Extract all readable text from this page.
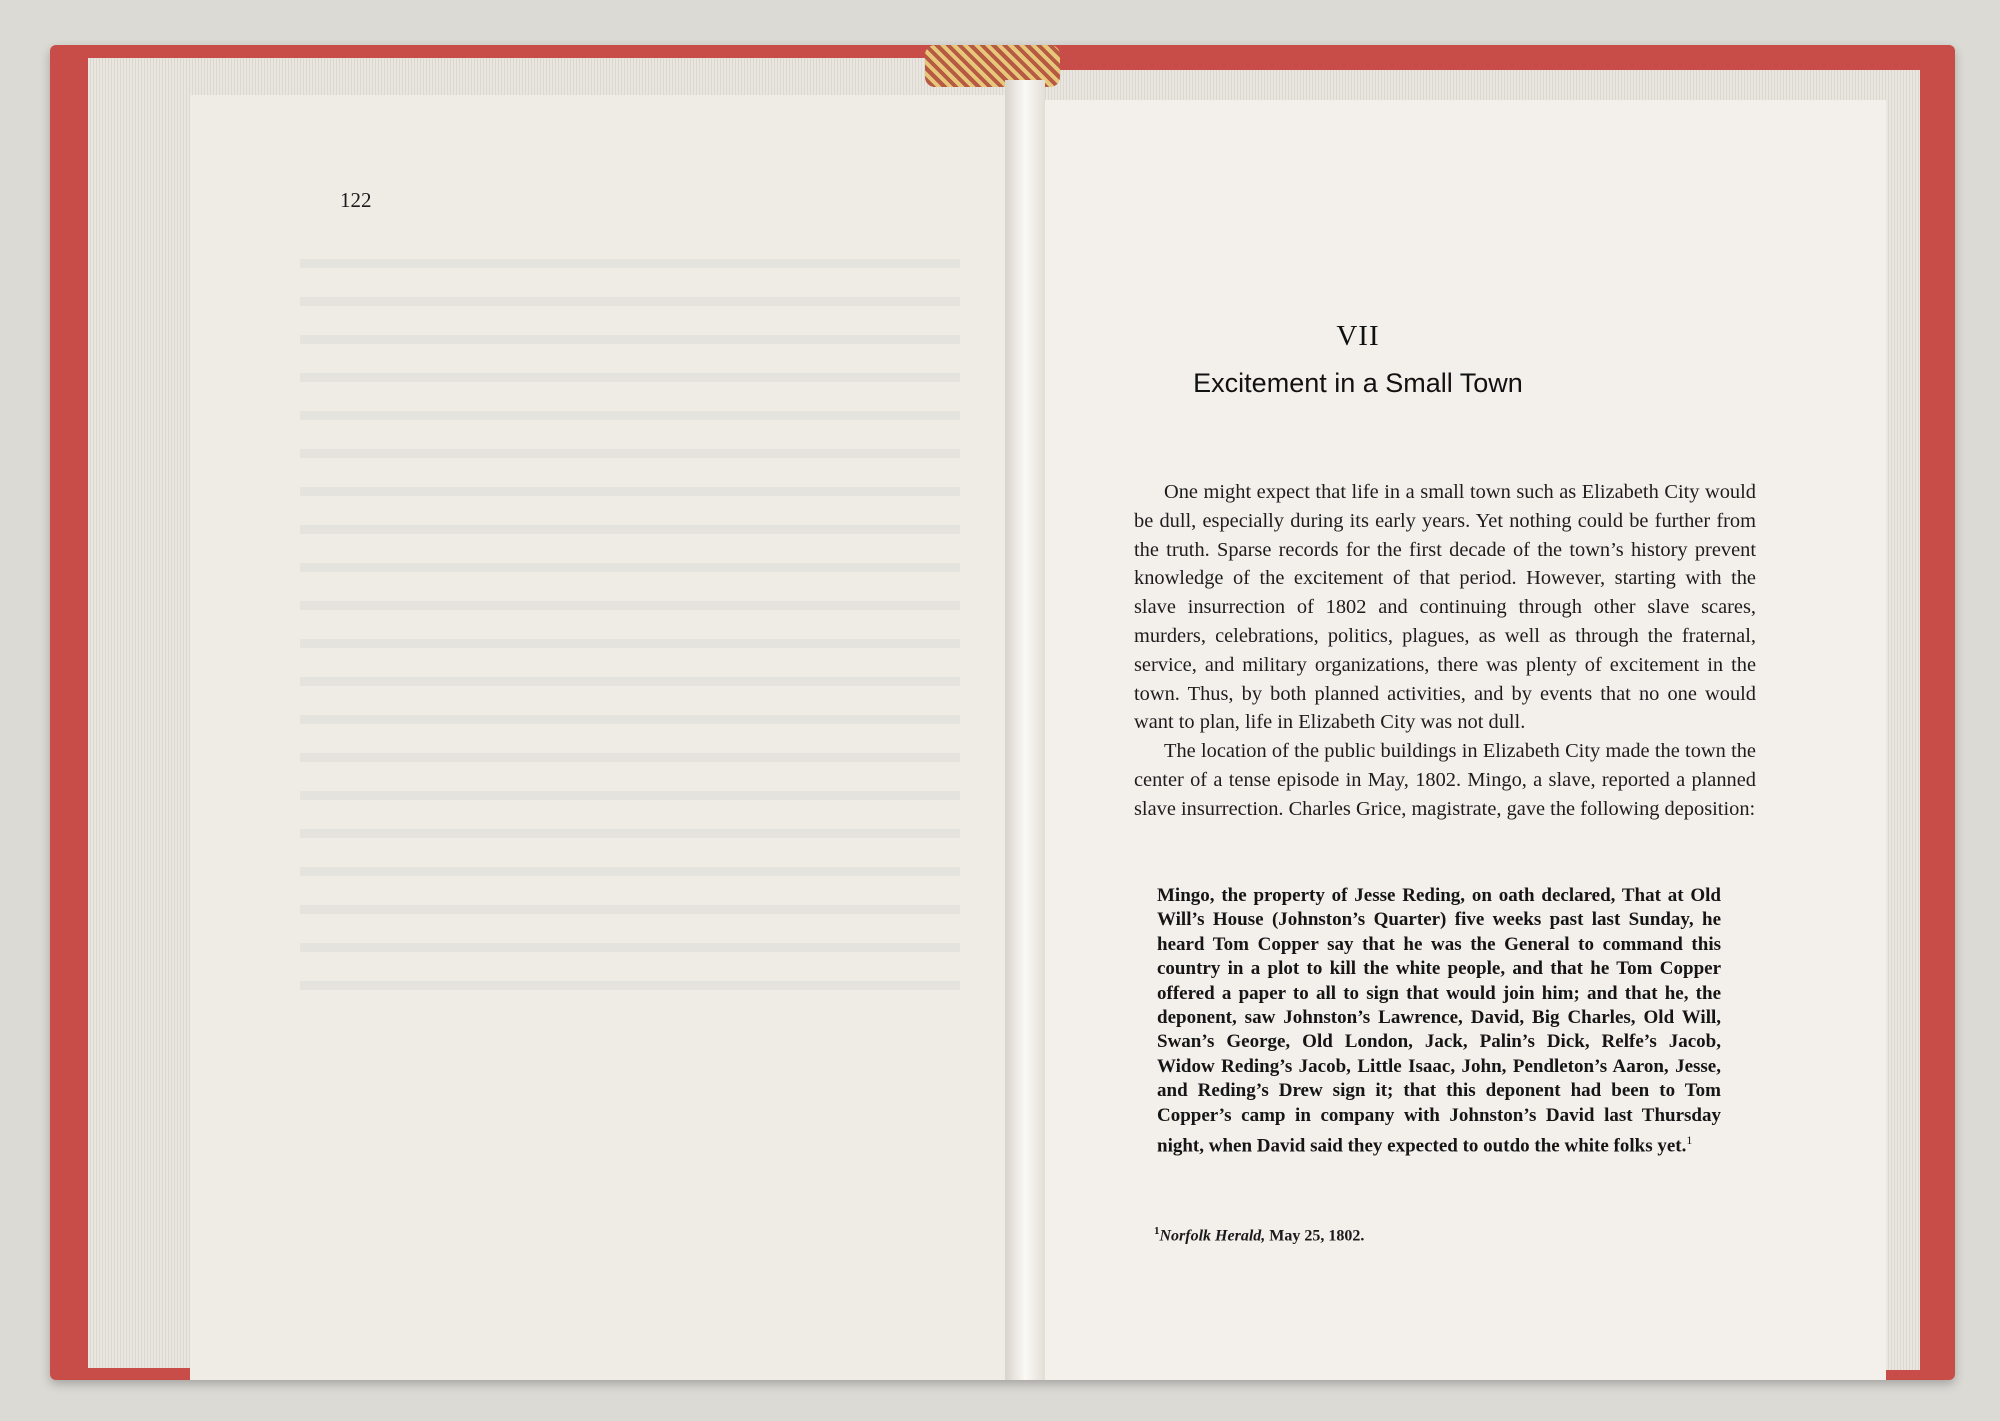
122
VII
Excitement in a Small Town

One might expect that life in a small town such as Elizabeth City would be dull, especially during its early years. Yet nothing could be further from the truth. Sparse records for the first decade of the town’s history prevent knowledge of the excitement of that period. However, starting with the slave insurrection of 1802 and continuing through other slave scares, murders, celebrations, politics, plagues, as well as through the fraternal, service, and military organizations, there was plenty of excitement in the town. Thus, by both planned activities, and by events that no one would want to plan, life in Elizabeth City was not dull.

The location of the public buildings in Elizabeth City made the town the center of a tense episode in May, 1802. Mingo, a slave, reported a planned slave insurrection. Charles Grice, magistrate, gave the following deposition:

Mingo, the property of Jesse Reding, on oath declared, That at Old Will’s House (Johnston’s Quarter) five weeks past last Sunday, he heard Tom Copper say that he was the General to command this country in a plot to kill the white people, and that he Tom Copper offered a paper to all to sign that would join him; and that he, the deponent, saw Johnston’s Lawrence, David, Big Charles, Old Will, Swan’s George, Old London, Jack, Palin’s Dick, Relfe’s Jacob, Widow Reding’s Jacob, Little Isaac, John, Pendleton’s Aaron, Jesse, and Reding’s Drew sign it; that this deponent had been to Tom Copper’s camp in company with Johnston’s David last Thursday night, when David said they expected to outdo the white folks yet.$^1$
$^1$Norfolk Herald, May 25, 1802.
